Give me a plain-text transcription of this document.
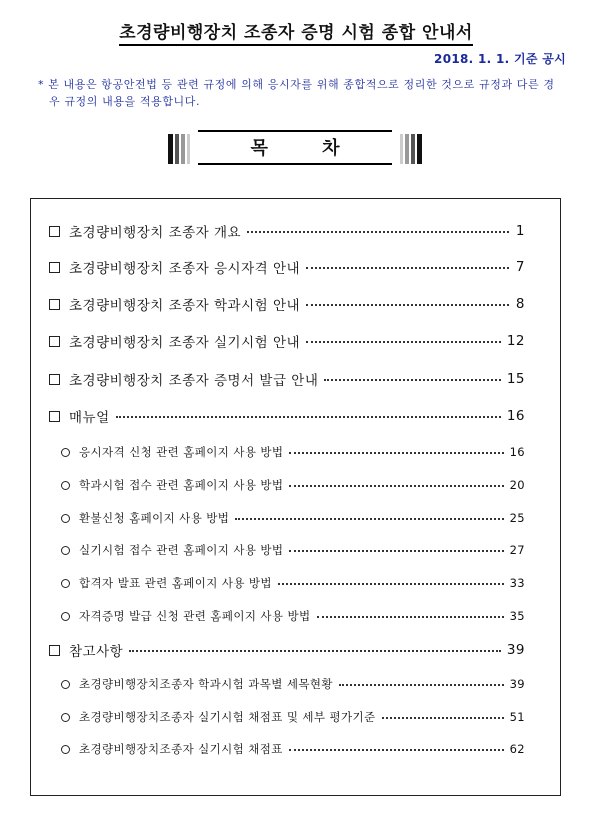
초경량비행장치 조종자 증명 시험 종합 안내서
2018. 1. 1. 기준 공시
* 본 내용은 항공안전법 등 관련 규정에 의해 응시자를 위해 종합적으로 정리한 것으로 규정과 다른 경우 규정의 내용을 적용합니다.
목 차
초경량비행장치 조종자 개요	1
초경량비행장치 조종자 응시자격 안내	7
초경량비행장치 조종자 학과시험 안내	8
초경량비행장치 조종자 실기시험 안내	12
초경량비행장치 조종자 증명서 발급 안내	15
매뉴얼	16
응시자격 신청 관련 홈페이지 사용 방법	16
학과시험 접수 관련 홈페이지 사용 방법	20
환불신청 홈페이지 사용 방법	25
실기시험 접수 관련 홈페이지 사용 방법	27
합격자 발표 관련 홈페이지 사용 방법	33
자격증명 발급 신청 관련 홈페이지 사용 방법	35
참고사항	39
초경량비행장치조종자 학과시험 과목별 세목현황	39
초경량비행장치조종자 실기시험 채점표 및 세부 평가기준	51
초경량비행장치조종자 실기시험 채점표	62
